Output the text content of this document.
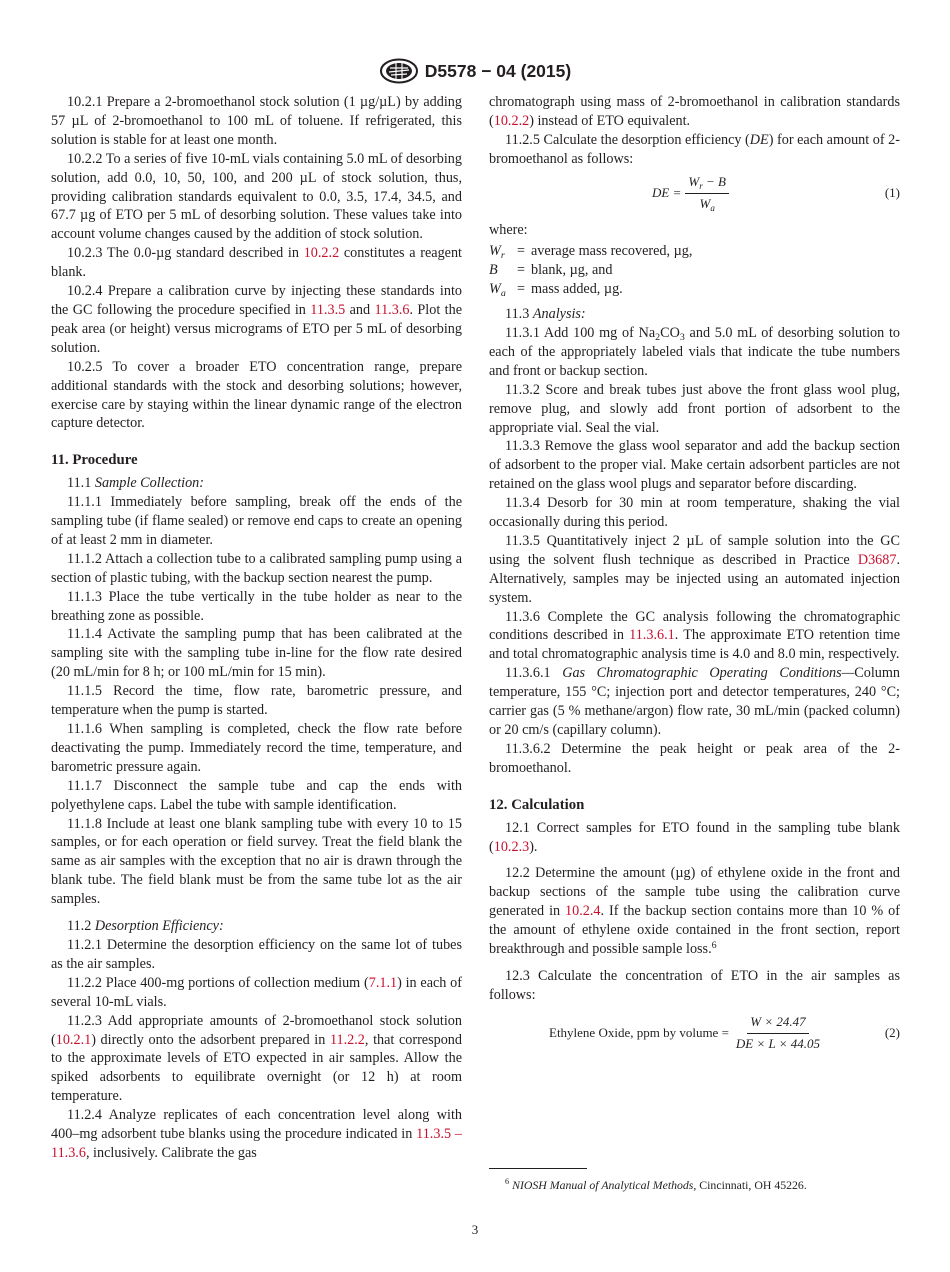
D5578 − 04 (2015)

10.2.1 Prepare a 2-bromoethanol stock solution (1 µg/µL) by adding 57 µL of 2-bromoethanol to 100 mL of toluene. If refrigerated, this solution is stable for at least one month.

10.2.2 To a series of five 10-mL vials containing 5.0 mL of desorbing solution, add 0.0, 10, 50, 100, and 200 µL of stock solution, thus, providing calibration standards equivalent to 0.0, 3.5, 17.4, 34.5, and 67.7 µg of ETO per 5 mL of desorbing solution. These values take into account volume changes caused by the addition of stock solution.

10.2.3 The 0.0-µg standard described in 10.2.2 constitutes a reagent blank.

10.2.4 Prepare a calibration curve by injecting these standards into the GC following the procedure specified in 11.3.5 and 11.3.6. Plot the peak area (or height) versus micrograms of ETO per 5 mL of desorbing solution.

10.2.5 To cover a broader ETO concentration range, prepare additional standards with the stock and desorbing solutions; however, exercise care by staying within the linear dynamic range of the electron capture detector.

11. Procedure

11.1 Sample Collection:

11.1.1 Immediately before sampling, break off the ends of the sampling tube (if flame sealed) or remove end caps to create an opening of at least 2 mm in diameter.

11.1.2 Attach a collection tube to a calibrated sampling pump using a section of plastic tubing, with the backup section nearest the pump.

11.1.3 Place the tube vertically in the tube holder as near to the breathing zone as possible.

11.1.4 Activate the sampling pump that has been calibrated at the sampling site with the sampling tube in-line for the flow rate desired (20 mL/min for 8 h; or 100 mL/min for 15 min).

11.1.5 Record the time, flow rate, barometric pressure, and temperature when the pump is started.

11.1.6 When sampling is completed, check the flow rate before deactivating the pump. Immediately record the time, temperature, and barometric pressure again.

11.1.7 Disconnect the sample tube and cap the ends with polyethylene caps. Label the tube with sample identification.

11.1.8 Include at least one blank sampling tube with every 10 to 15 samples, or for each operation or field survey. Treat the field blank the same as air samples with the exception that no air is drawn through the blank tube. The field blank must be from the same tube lot as the air samples.

11.2 Desorption Efficiency:

11.2.1 Determine the desorption efficiency on the same lot of tubes as the air samples.

11.2.2 Place 400-mg portions of collection medium (7.1.1) in each of several 10-mL vials.

11.2.3 Add appropriate amounts of 2-bromoethanol stock solution (10.2.1) directly onto the adsorbent prepared in 11.2.2, that correspond to the approximate levels of ETO expected in air samples. Allow the spiked adsorbents to equilibrate overnight (or 12 h) at room temperature.

11.2.4 Analyze replicates of each concentration level along with 400–mg adsorbent tube blanks using the procedure indicated in 11.3.5 – 11.3.6, inclusively. Calibrate the gas

chromatograph using mass of 2-bromoethanol in calibration standards (10.2.2) instead of ETO equivalent.

11.2.5 Calculate the desorption efficiency (DE) for each amount of 2-bromoethanol as follows:

DE = $\frac{W_r - B}{W_a}$	(1)

where:

$W_r$ = average mass recovered, µg,
B	= blank, µg, and
$W_a$ = mass added, µg.

11.3 Analysis:

11.3.1 Add 100 mg of $Na_2CO_3$ and 5.0 mL of desorbing solution to each of the appropriately labeled vials that indicate the tube numbers and front or backup section.

11.3.2 Score and break tubes just above the front glass wool plug, remove plug, and slowly add front portion of adsorbent to the appropriate vial. Seal the vial.

11.3.3 Remove the glass wool separator and add the backup section of adsorbent to the proper vial. Make certain adsorbent particles are not retained on the glass wool plugs and separator before discarding.

11.3.4 Desorb for 30 min at room temperature, shaking the vial occasionally during this period.

11.3.5 Quantitatively inject 2 µL of sample solution into the GC using the solvent flush technique as described in Practice D3687. Alternatively, samples may be injected using an automated injection system.

11.3.6 Complete the GC analysis following the chromatographic conditions described in 11.3.6.1. The approximate ETO retention time and total chromatographic analysis time is 4.0 and 8.0 min, respectively.

11.3.6.1 Gas Chromatographic Operating Conditions—Column temperature, 155 °C; injection port and detector temperatures, 240 °C; carrier gas (5 % methane/argon) flow rate, 30 mL/min (packed column) or 20 cm/s (capillary column).

11.3.6.2 Determine the peak height or peak area of the 2-bromoethanol.

12. Calculation

12.1 Correct samples for ETO found in the sampling tube blank (10.2.3).

12.2 Determine the amount (µg) of ethylene oxide in the front and backup sections of the sample tube using the calibration curve generated in 10.2.4. If the backup section contains more than 10 % of the amount of ethylene oxide contained in the front section, report breakthrough and possible sample loss.$^6$

12.3 Calculate the concentration of ETO in the air samples as follows:

Ethylene Oxide, ppm by volume = $\frac{W \times 24.47}{DE \times L \times 44.05}$	(2)
$^6$ NIOSH Manual of Analytical Methods, Cincinnati, OH 45226.
3
